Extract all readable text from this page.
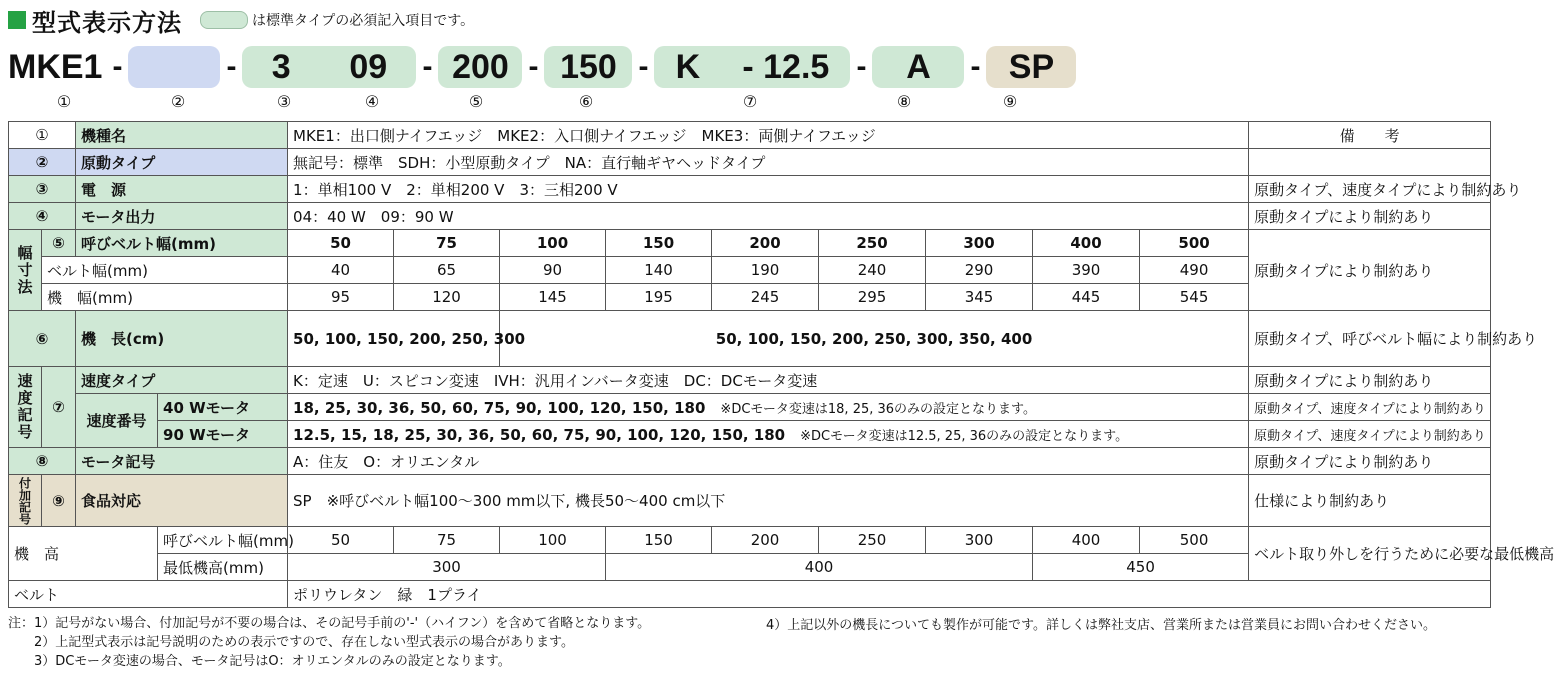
型式表示方法	は標準タイプの必須記入項目です。
MKE1 -	- 3 09 - 200 - 150 - K - 12.5 -	A	- SP
①	②	③	④	⑤	⑥	⑦	⑧	⑨
①		機種名		MKE1：出口側ナイフエッジ　MKE2：入口側ナイフエッジ　MKE3：両側ナイフエッジ									備　　考
②		原動タイプ		無記号：標準　SDH：小型原動タイプ　NA：直行軸ギヤヘッドタイプ									
③		電　源		1：単相100 V　2：単相200 V　3：三相200 V									原動タイプ、速度タイプにより制約あり
④		モータ出力		04：40 W　09：90 W									原動タイプにより制約あり
幅寸法	⑤	呼びベルト幅(mm)		50	75	100	150	200	250	300	400	500	原動タイプにより制約あり
	ベルト幅(mm)			40	65	90	140	190	240	290	390	490	
	機　幅(mm)			95	120	145	195	245	295	345	445	545	
⑥		機　長(cm)		50, 100, 150, 200, 250, 300		50, 100, 150, 200, 250, 300, 350, 400							原動タイプ、呼びベルト幅により制約あり
速度記号	⑦	速度タイプ		K：定速　U：スピコン変速　IVH：汎用インバータ変速　DC：DCモータ変速									原動タイプにより制約あり
		速度番号	40 Wモータ	18, 25, 30, 36, 50, 60, 75, 90, 100, 120, 150, 180　 ※DCモータ変速は18, 25, 36のみの設定となります。									原動タイプ、速度タイプにより制約あり
			90 Wモータ	12.5, 15, 18, 25, 30, 36, 50, 60, 75, 90, 100, 120, 150, 180　 ※DCモータ変速は12.5, 25, 36のみの設定となります。									原動タイプ、速度タイプにより制約あり
⑧		モータ記号		A：住友　O：オリエンタル									原動タイプにより制約あり
付加記号	⑨	食品対応		SP　※呼びベルト幅100～300 mm以下, 機長50～400 cm以下									仕様により制約あり
機　高			呼びベルト幅(mm)	50	75	100	150	200	250	300	400	500	ベルト取り外しを行うために必要な最低機高
			最低機高(mm)	300			400				450		
ベルト				ポリウレタン　緑　1プライ									
注：1）記号がない場合、付加記号が不要の場合は、その記号手前の'-'（ハイフン）を含めて省略となります。
　　2）上記型式表示は記号説明のための表示ですので、存在しない型式表示の場合があります。
　　3）DCモータ変速の場合、モータ記号はO：オリエンタルのみの設定となります。
4）上記以外の機長についても製作が可能です。詳しくは弊社支店、営業所または営業員にお問い合わせください。
